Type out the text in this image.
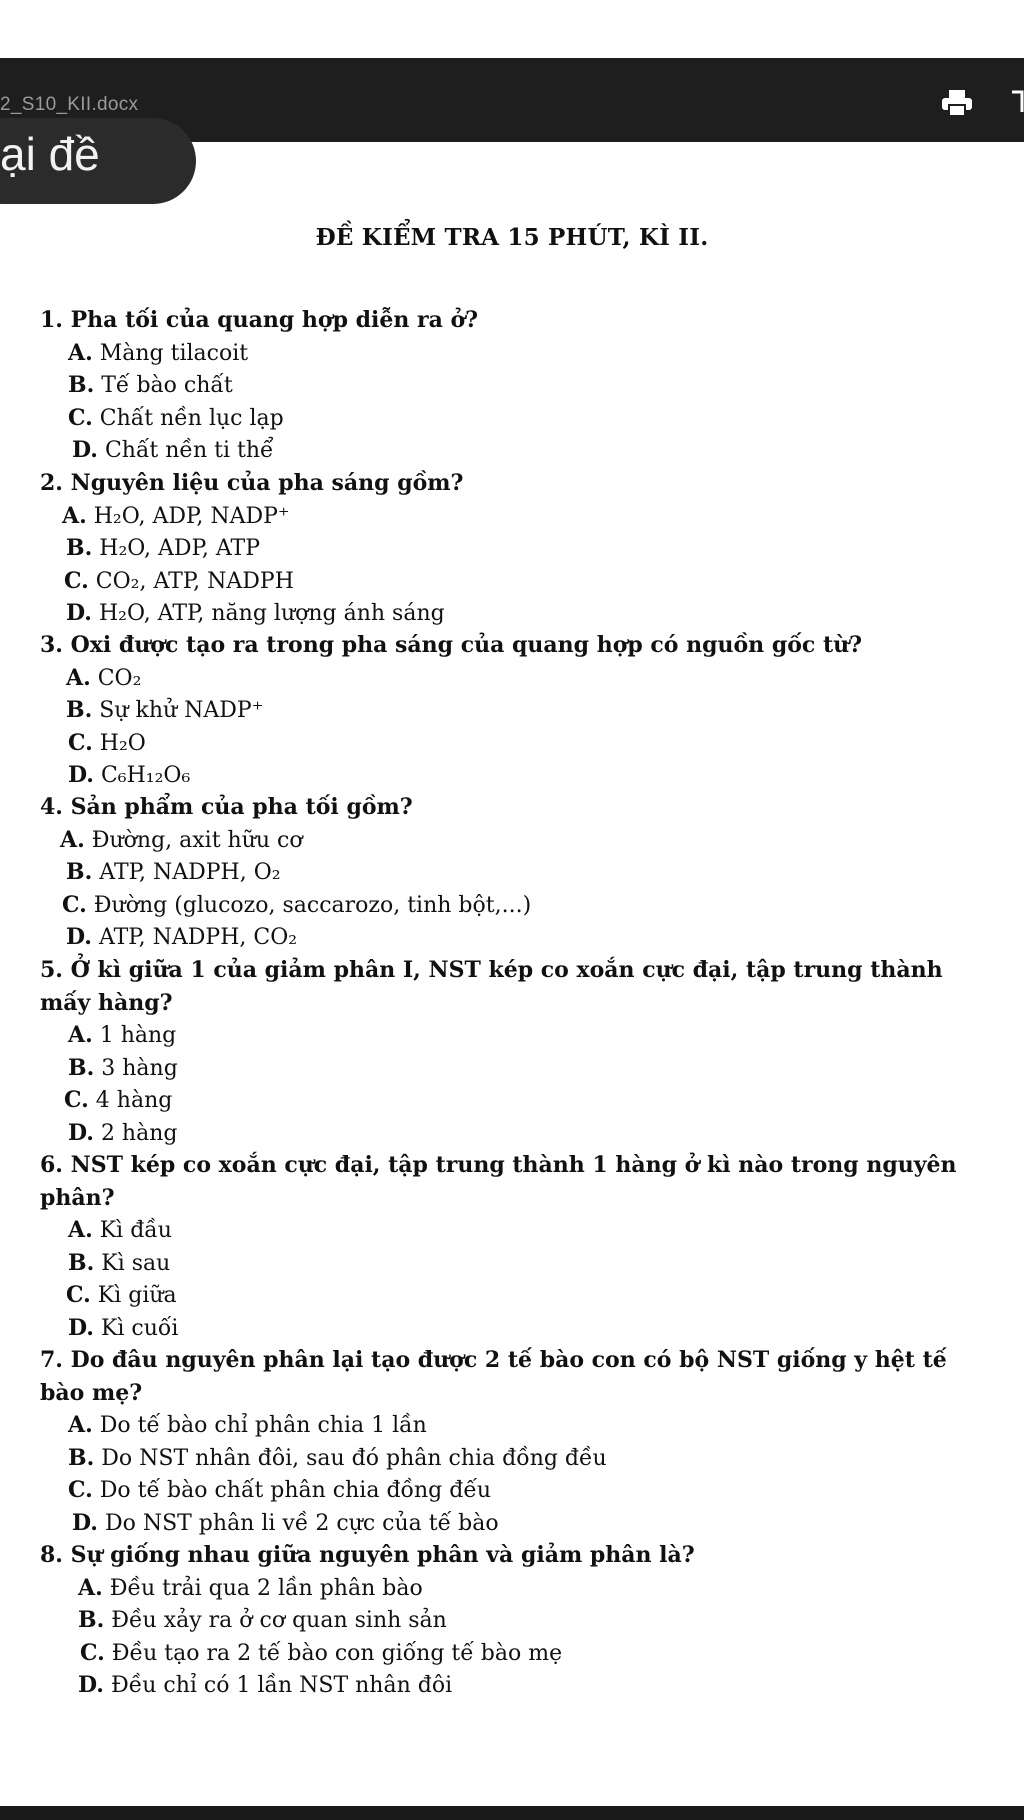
2_S10_KII.docx
ại đề
ĐỀ KIỂM TRA 15 PHÚT, KÌ II.
1. Pha tối của quang hợp diễn ra ở?
A. Màng tilacoit
B. Tế bào chất
C. Chất nền lục lạp
D. Chất nền ti thể
2. Nguyên liệu của pha sáng gồm?
A. H₂O, ADP, NADP⁺
B. H₂O, ADP, ATP
C. CO₂, ATP, NADPH
D. H₂O, ATP, năng lượng ánh sáng
3. Oxi được tạo ra trong pha sáng của quang hợp có nguồn gốc từ?
A. CO₂
B. Sự khử NADP⁺
C. H₂O
D. C₆H₁₂O₆
4. Sản phẩm của pha tối gồm?
A. Đường, axit hữu cơ
B. ATP, NADPH, O₂
C. Đường (glucozo, saccarozo, tinh bột,...)
D. ATP, NADPH, CO₂
5. Ở kì giữa 1 của giảm phân I, NST kép co xoắn cực đại, tập trung thành
mấy hàng?
A. 1 hàng
B. 3 hàng
C. 4 hàng
D. 2 hàng
6. NST kép co xoắn cực đại, tập trung thành 1 hàng ở kì nào trong nguyên
phân?
A. Kì đầu
B. Kì sau
C. Kì giữa
D. Kì cuối
7. Do đâu nguyên phân lại tạo được 2 tế bào con có bộ NST giống y hệt tế
bào mẹ?
A. Do tế bào chỉ phân chia 1 lần
B. Do NST nhân đôi, sau đó phân chia đồng đều
C. Do tế bào chất phân chia đồng đếu
D. Do NST phân li về 2 cực của tế bào
8. Sự giống nhau giữa nguyên phân và giảm phân là?
A. Đều trải qua 2 lần phân bào
B. Đều xảy ra ở cơ quan sinh sản
C. Đều tạo ra 2 tế bào con giống tế bào mẹ
D. Đều chỉ có 1 lần NST nhân đôi
